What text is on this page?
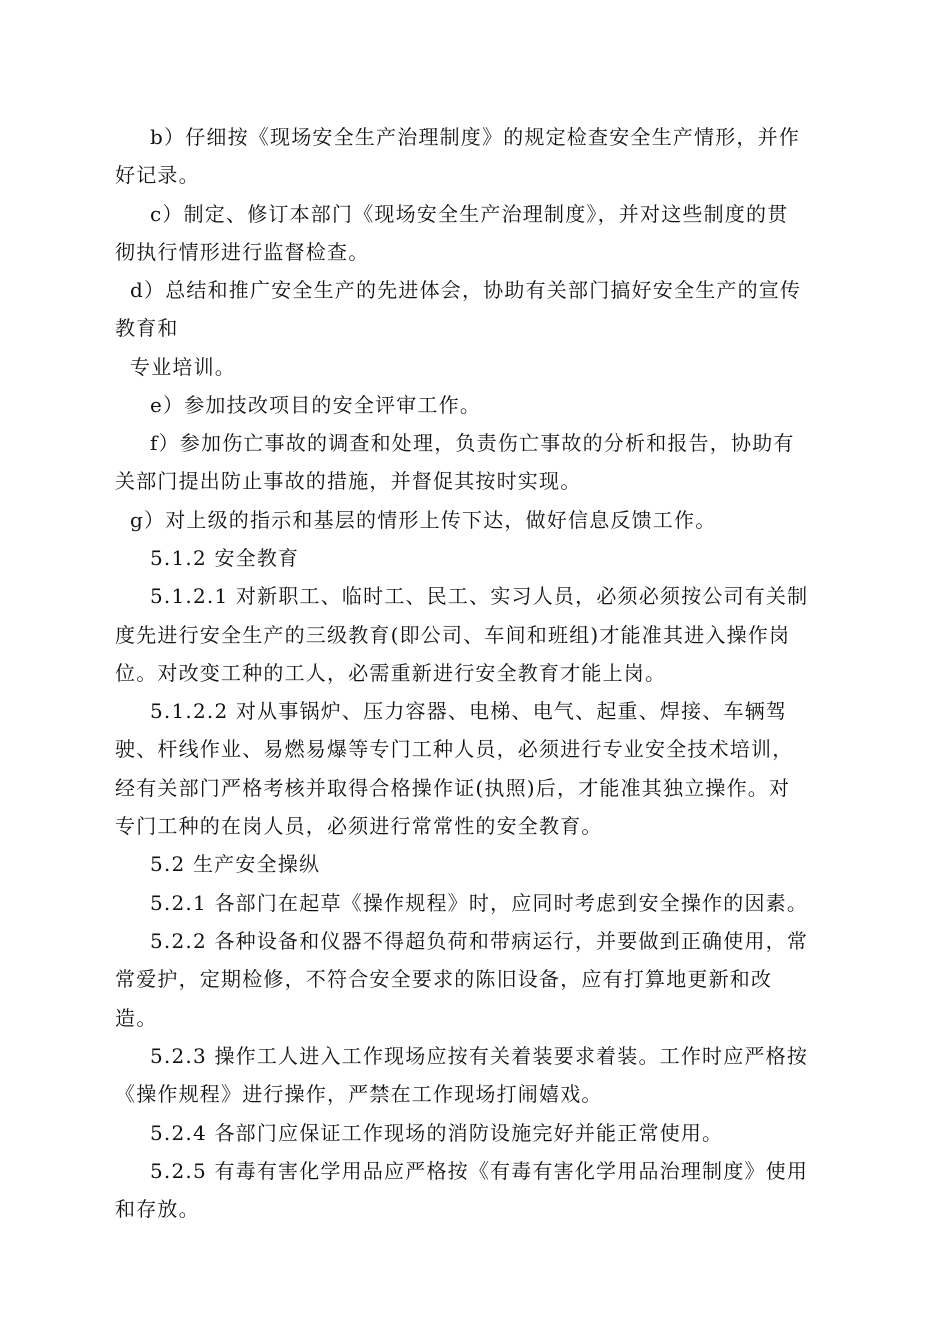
b）仔细按《现场安全生产治理制度》的规定检查安全生产情形，并作
好记录。
c）制定、修订本部门《现场安全生产治理制度》，并对这些制度的贯
彻执行情形进行监督检查。
d）总结和推广安全生产的先进体会，协助有关部门搞好安全生产的宣传
教育和
专业培训。
e）参加技改项目的安全评审工作。
f）参加伤亡事故的调查和处理，负责伤亡事故的分析和报告，协助有
关部门提出防止事故的措施，并督促其按时实现。
g）对上级的指示和基层的情形上传下达，做好信息反馈工作。
5.1.2 安全教育
5.1.2.1 对新职工、临时工、民工、实习人员，必须必须按公司有关制
度先进行安全生产的三级教育(即公司、车间和班组)才能准其进入操作岗
位。对改变工种的工人，必需重新进行安全教育才能上岗。
5.1.2.2 对从事锅炉、压力容器、电梯、电气、起重、焊接、车辆驾
驶、杆线作业、易燃易爆等专门工种人员，必须进行专业安全技术培训，
经有关部门严格考核并取得合格操作证(执照)后，才能准其独立操作。对
专门工种的在岗人员，必须进行常常性的安全教育。
5.2 生产安全操纵
5.2.1 各部门在起草《操作规程》时，应同时考虑到安全操作的因素。
5.2.2 各种设备和仪器不得超负荷和带病运行，并要做到正确使用，常
常爱护，定期检修，不符合安全要求的陈旧设备，应有打算地更新和改
造。
5.2.3 操作工人进入工作现场应按有关着装要求着装。工作时应严格按
《操作规程》进行操作，严禁在工作现场打闹嬉戏。
5.2.4 各部门应保证工作现场的消防设施完好并能正常使用。
5.2.5 有毒有害化学用品应严格按《有毒有害化学用品治理制度》使用
和存放。
